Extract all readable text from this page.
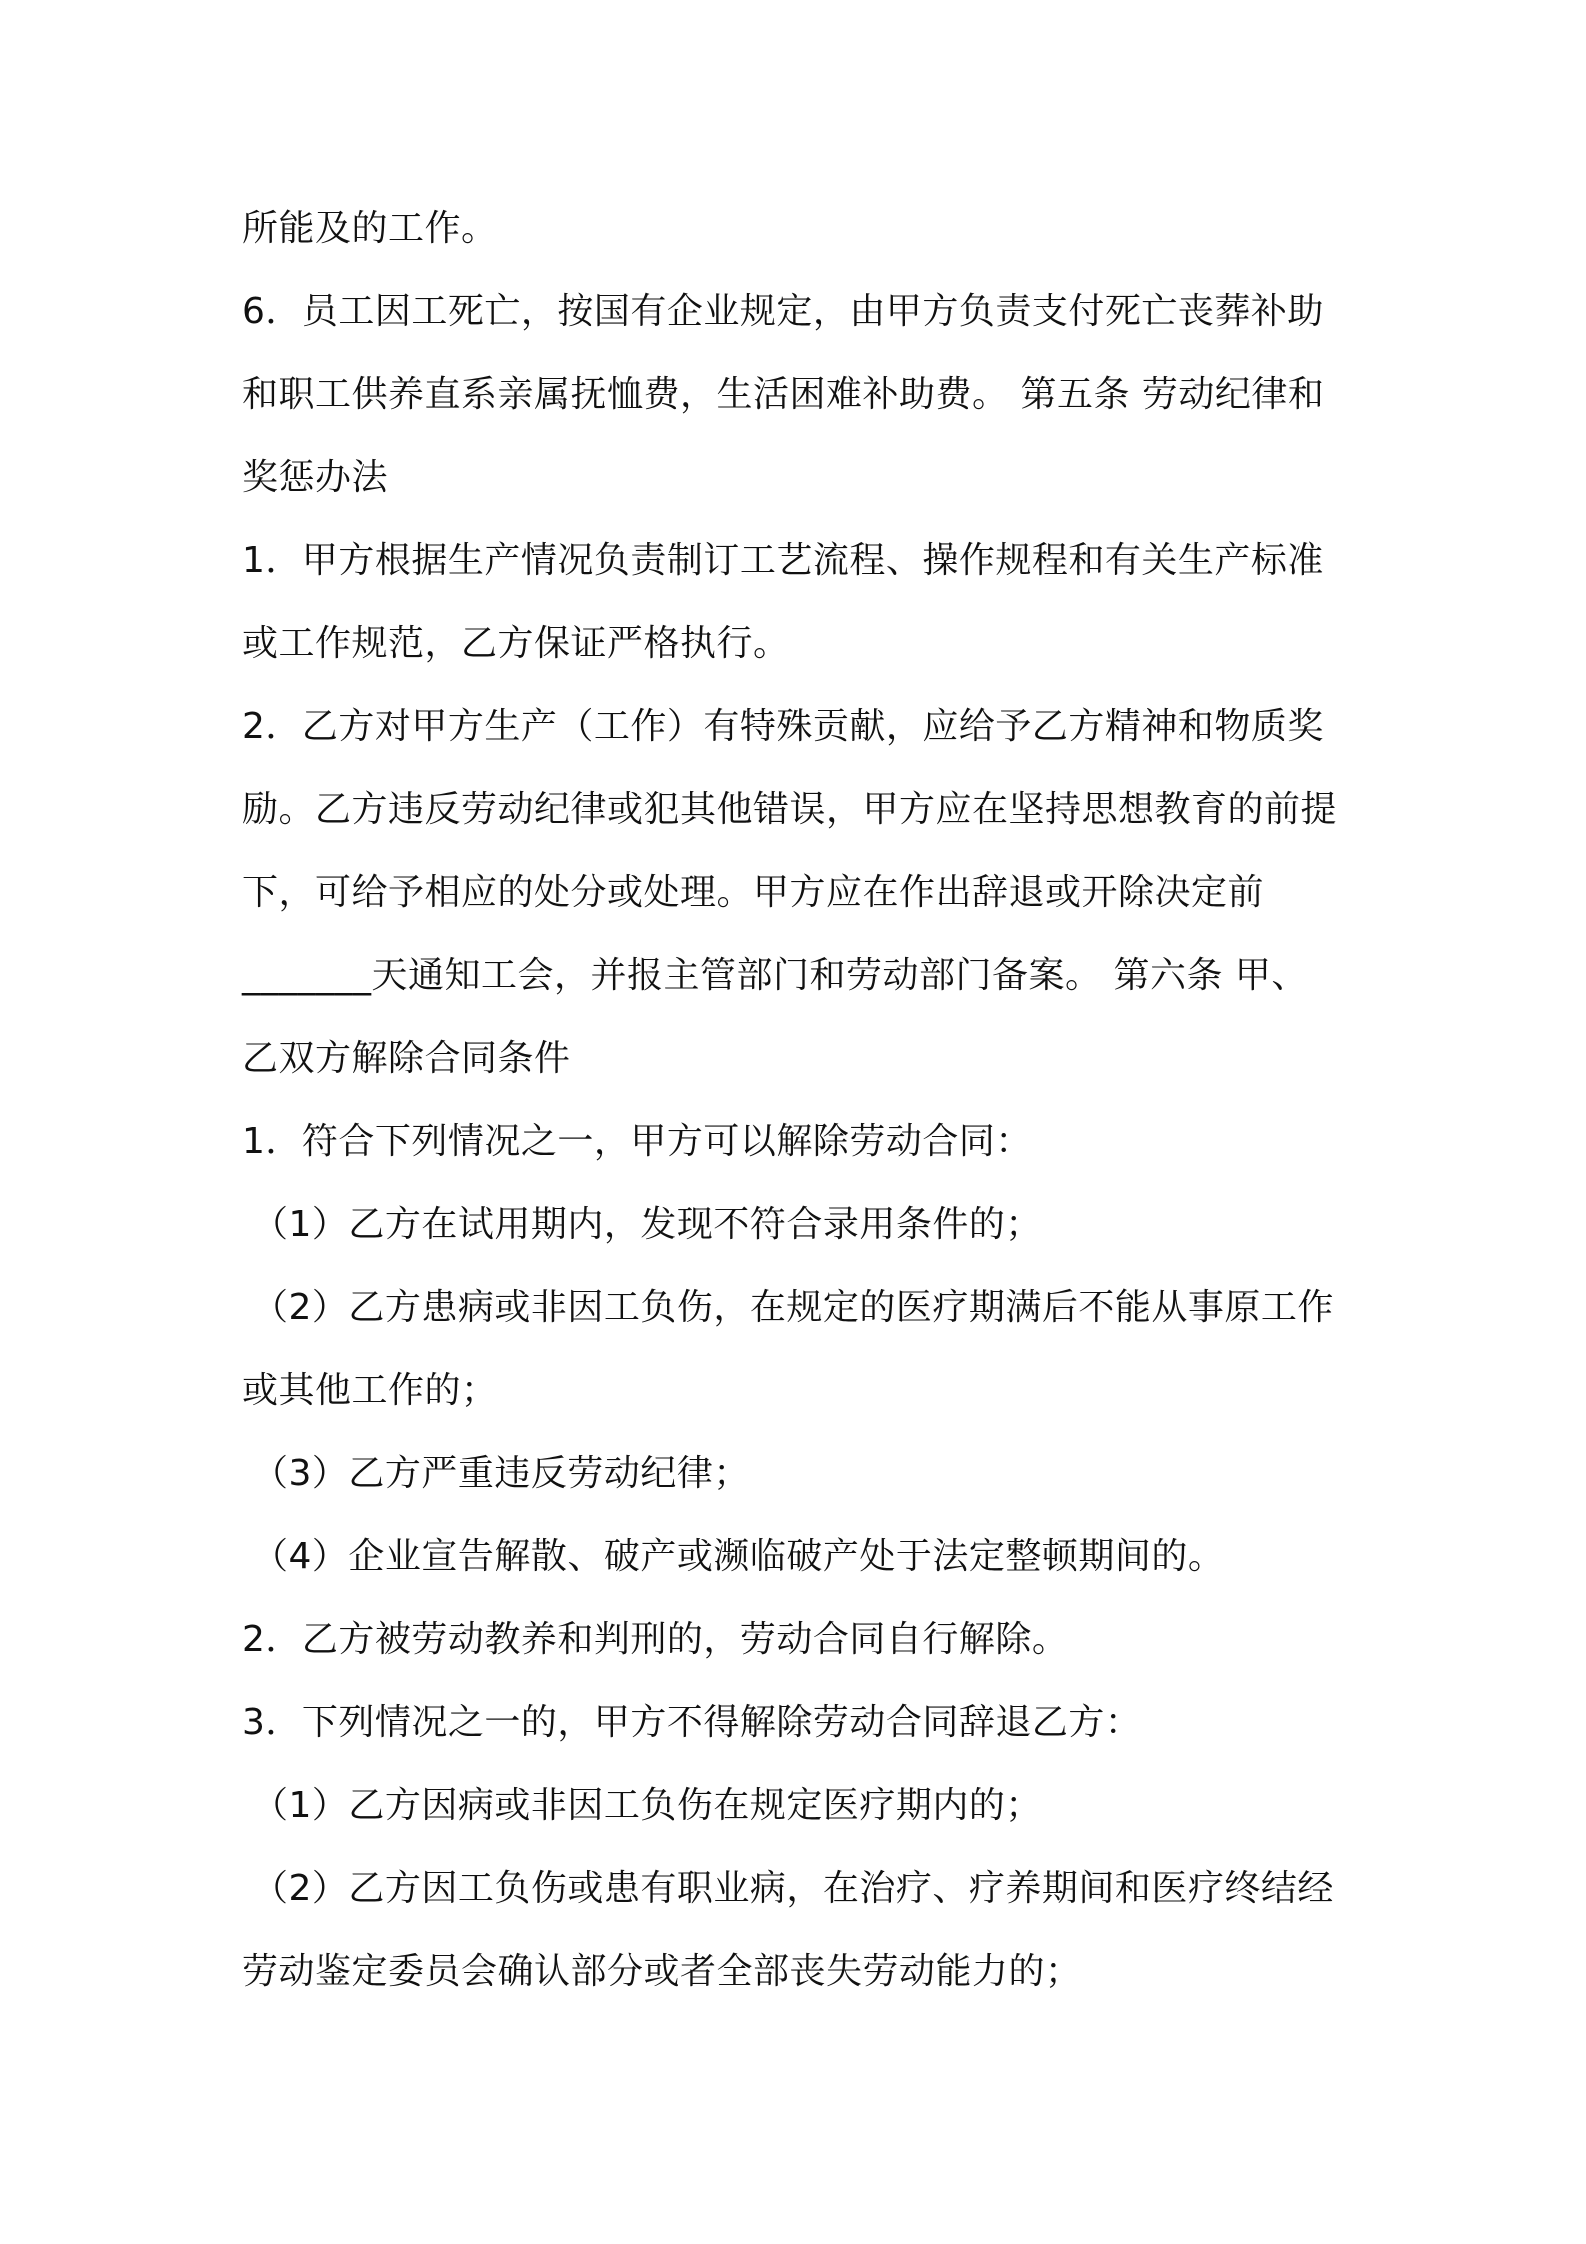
所能及的工作。
6．员工因工死亡，按国有企业规定，由甲方负责支付死亡丧葬补助
和职工供养直系亲属抚恤费，生活困难补助费。 第五条 劳动纪律和
奖惩办法
1．甲方根据生产情况负责制订工艺流程、操作规程和有关生产标准
或工作规范，乙方保证严格执行。
2．乙方对甲方生产（工作）有特殊贡献，应给予乙方精神和物质奖
励。乙方违反劳动纪律或犯其他错误，甲方应在坚持思想教育的前提
下，可给予相应的处分或处理。甲方应在作出辞退或开除决定前
_______天通知工会，并报主管部门和劳动部门备案。 第六条 甲、
乙双方解除合同条件
1．符合下列情况之一，甲方可以解除劳动合同：
（1）乙方在试用期内，发现不符合录用条件的；
（2）乙方患病或非因工负伤，在规定的医疗期满后不能从事原工作
或其他工作的；
（3）乙方严重违反劳动纪律；
（4）企业宣告解散、破产或濒临破产处于法定整顿期间的。
2．乙方被劳动教养和判刑的，劳动合同自行解除。
3．下列情况之一的，甲方不得解除劳动合同辞退乙方：
（1）乙方因病或非因工负伤在规定医疗期内的；
（2）乙方因工负伤或患有职业病，在治疗、疗养期间和医疗终结经
劳动鉴定委员会确认部分或者全部丧失劳动能力的；
